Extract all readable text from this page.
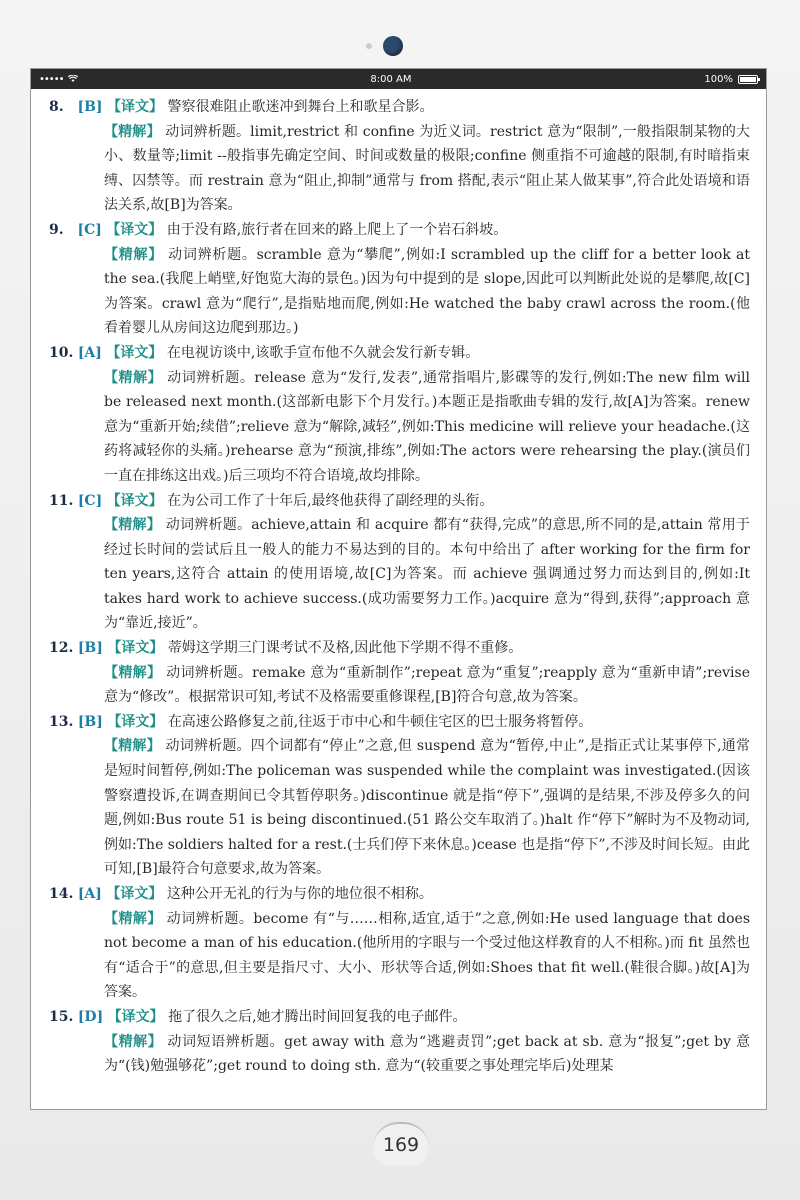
•••••	8:00 AM	100%
8. [B] 【译文】 警察很难阻止歌迷冲到舞台上和歌星合影。
【精解】 动词辨析题。limit,restrict 和 confine 为近义词。restrict 意为“限制”,一般指限制某物的大小、数量等;limit --般指事先确定空间、时间或数量的极限;confine 侧重指不可逾越的限制,有时暗指束缚、囚禁等。而 restrain 意为“阻止,抑制”通常与 from 搭配,表示“阻止某人做某事”,符合此处语境和语法关系,故[B]为答案。
9. [C] 【译文】 由于没有路,旅行者在回来的路上爬上了一个岩石斜坡。
【精解】 动词辨析题。scramble 意为“攀爬”,例如:I scrambled up the cliff for a better look at the sea.(我爬上峭壁,好饱览大海的景色。)因为句中提到的是 slope,因此可以判断此处说的是攀爬,故[C]为答案。crawl 意为“爬行”,是指贴地而爬,例如:He watched the baby crawl across the room.(他看着婴儿从房间这边爬到那边。)
10. [A] 【译文】 在电视访谈中,该歌手宣布他不久就会发行新专辑。
【精解】 动词辨析题。release 意为“发行,发表”,通常指唱片,影碟等的发行,例如:The new film will be released next month.(这部新电影下个月发行。)本题正是指歌曲专辑的发行,故[A]为答案。renew 意为“重新开始;续借”;relieve 意为“解除,减轻”,例如:This medicine will relieve your headache.(这药将减轻你的头痛。)rehearse 意为“预演,排练”,例如:The actors were rehearsing the play.(演员们一直在排练这出戏。)后三项均不符合语境,故均排除。
11. [C] 【译文】 在为公司工作了十年后,最终他获得了副经理的头衔。
【精解】 动词辨析题。achieve,attain 和 acquire 都有“获得,完成”的意思,所不同的是,attain 常用于经过长时间的尝试后且一般人的能力不易达到的目的。本句中给出了 after working for the firm for ten years,这符合 attain 的使用语境,故[C]为答案。而 achieve 强调通过努力而达到目的,例如:It takes hard work to achieve success.(成功需要努力工作。)acquire 意为“得到,获得”;approach 意为“靠近,接近”。
12. [B] 【译文】 蒂姆这学期三门课考试不及格,因此他下学期不得不重修。
【精解】 动词辨析题。remake 意为“重新制作”;repeat 意为“重复”;reapply 意为“重新申请”;revise 意为“修改”。根据常识可知,考试不及格需要重修课程,[B]符合句意,故为答案。
13. [B] 【译文】 在高速公路修复之前,往返于市中心和牛顿住宅区的巴士服务将暂停。
【精解】 动词辨析题。四个词都有“停止”之意,但 suspend 意为“暂停,中止”,是指正式让某事停下,通常是短时间暂停,例如:The policeman was suspended while the complaint was investigated.(因该警察遭投诉,在调查期间已令其暂停职务。)discontinue 就是指“停下”,强调的是结果,不涉及停多久的问题,例如:Bus route 51 is being discontinued.(51 路公交车取消了。)halt 作“停下”解时为不及物动词,例如:The soldiers halted for a rest.(士兵们停下来休息。)cease 也是指“停下”,不涉及时间长短。由此可知,[B]最符合句意要求,故为答案。
14. [A] 【译文】 这种公开无礼的行为与你的地位很不相称。
【精解】 动词辨析题。become 有“与……相称,适宜,适于”之意,例如:He used language that does not become a man of his education.(他所用的字眼与一个受过他这样教育的人不相称。)而 fit 虽然也有“适合于”的意思,但主要是指尺寸、大小、形状等合适,例如:Shoes that fit well.(鞋很合脚。)故[A]为答案。
15. [D] 【译文】 拖了很久之后,她才腾出时间回复我的电子邮件。
【精解】 动词短语辨析题。get away with 意为“逃避责罚”;get back at sb. 意为“报复”;get by 意为“(钱)勉强够花”;get round to doing sth. 意为“(较重要之事处理完毕后)处理某
169
